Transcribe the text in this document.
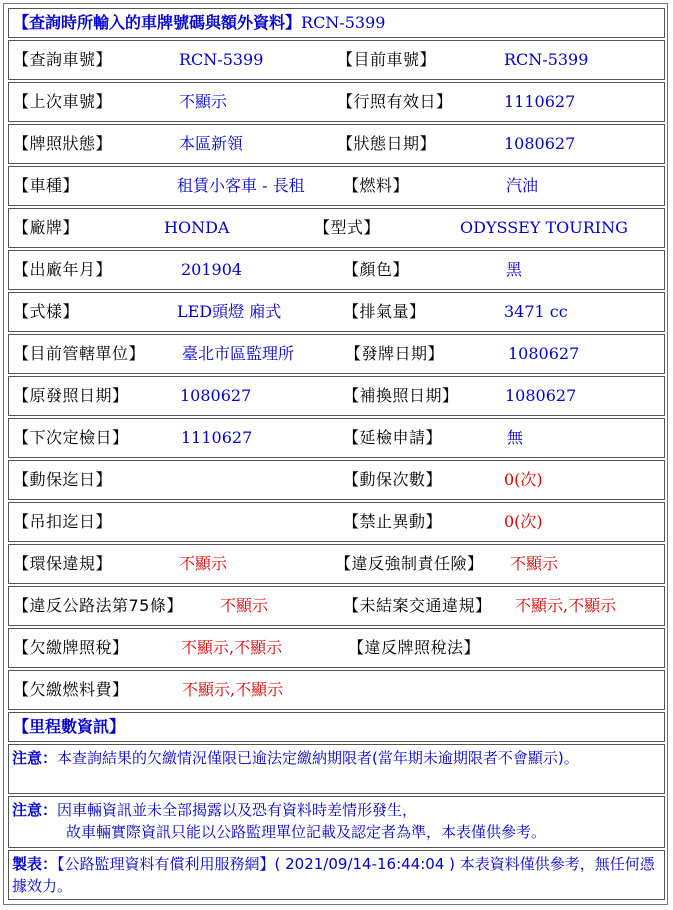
【查詢時所輸入的車牌號碼與額外資料】RCN-5399
【查詢車號】	RCN-5399	【目前車號】	RCN-5399
【上次車號】	不顯示	【行照有效日】	1110627
【牌照狀態】	本區新領	【狀態日期】	1080627
【車種】	租賃小客車 - 長租 【燃料】	汽油
【廠牌】	HONDA	【型式】	ODYSSEY TOURING
【出廠年月】	201904	【顏色】	黑
【式樣】	LED頭燈 廂式	【排氣量】	3471 cc
【目前管轄單位】 臺北市區監理所	【發牌日期】	1080627
【原發照日期】	1080627	【補換照日期】	1080627
【下次定檢日】	1110627	【延檢申請】	無
【動保迄日】	【動保次數】	0(次)
【吊扣迄日】	【禁止異動】	0(次)
【環保違規】	不顯示	【違反強制責任險】 不顯示
【違反公路法第75條】 不顯示	【未結案交通違規】 不顯示,不顯示
【欠繳牌照稅】	不顯示,不顯示	【違反牌照稅法】
【欠繳燃料費】	不顯示,不顯示
【里程數資訊】
注意：本查詢結果的欠繳情況僅限已逾法定繳納期限者(當年期未逾期限者不會顯示)。
注意：因車輛資訊並未全部揭露以及恐有資料時差情形發生，
故車輛實際資訊只能以公路監理單位記載及認定者為準，本表僅供參考。
製表：【公路監理資料有償利用服務網】( 2021/09/14-16:44:04 ) 本表資料僅供參考，無任何憑據效力。
